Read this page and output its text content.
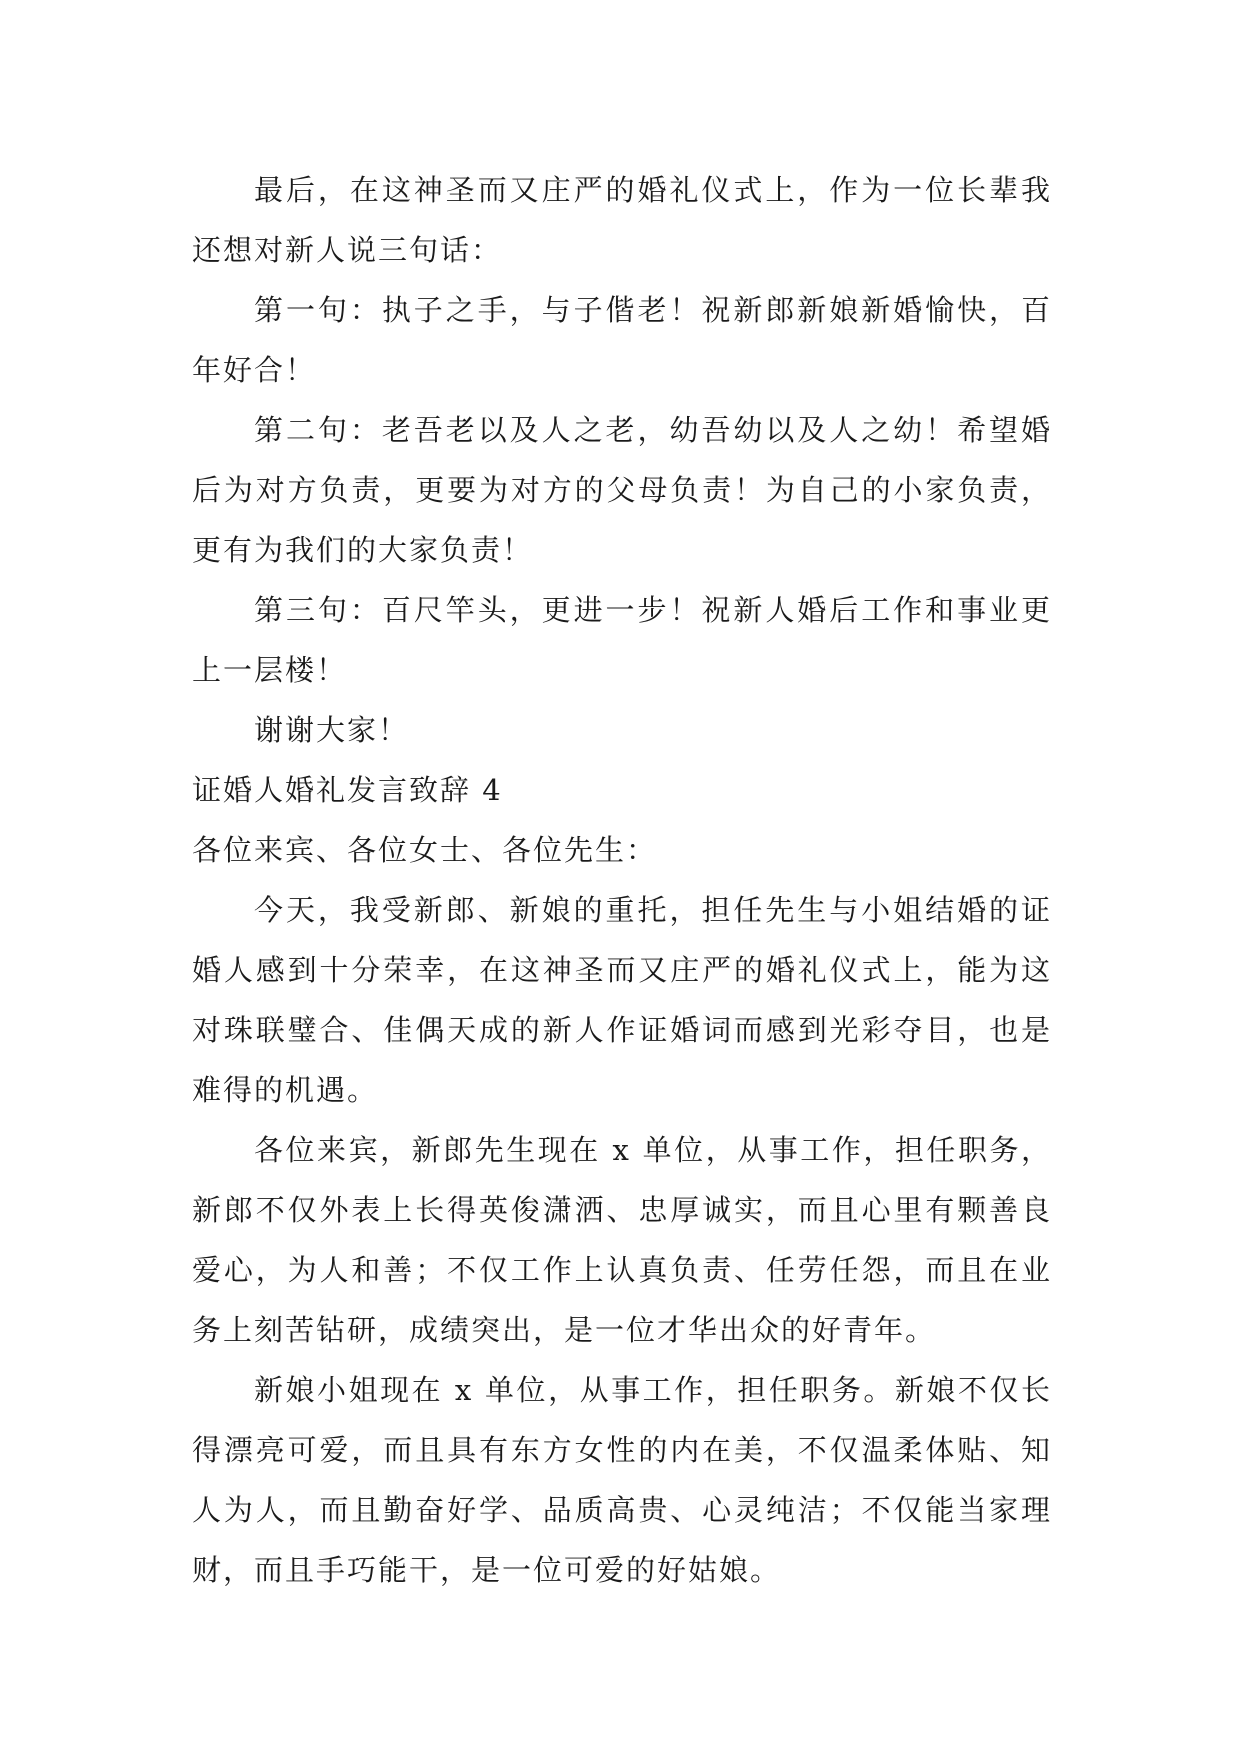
最后，在这神圣而又庄严的婚礼仪式上，作为一位长辈我还想对新人说三句话：

第一句：执子之手，与子偕老！祝新郎新娘新婚愉快，百年好合！

第二句：老吾老以及人之老，幼吾幼以及人之幼！希望婚后为对方负责，更要为对方的父母负责！为自己的小家负责，更有为我们的大家负责！

第三句：百尺竿头，更进一步！祝新人婚后工作和事业更上一层楼！

谢谢大家！

证婚人婚礼发言致辞 4

各位来宾、各位女士、各位先生：

今天，我受新郎、新娘的重托，担任先生与小姐结婚的证婚人感到十分荣幸，在这神圣而又庄严的婚礼仪式上，能为这对珠联璧合、佳偶天成的新人作证婚词而感到光彩夺目，也是难得的机遇。

各位来宾，新郎先生现在 x 单位，从事工作，担任职务，新郎不仅外表上长得英俊潇洒、忠厚诚实，而且心里有颗善良爱心，为人和善；不仅工作上认真负责、任劳任怨，而且在业务上刻苦钻研，成绩突出，是一位才华出众的好青年。

新娘小姐现在 x 单位，从事工作，担任职务。新娘不仅长得漂亮可爱，而且具有东方女性的内在美，不仅温柔体贴、知人为人，而且勤奋好学、品质高贵、心灵纯洁；不仅能当家理财，而且手巧能干，是一位可爱的好姑娘。
